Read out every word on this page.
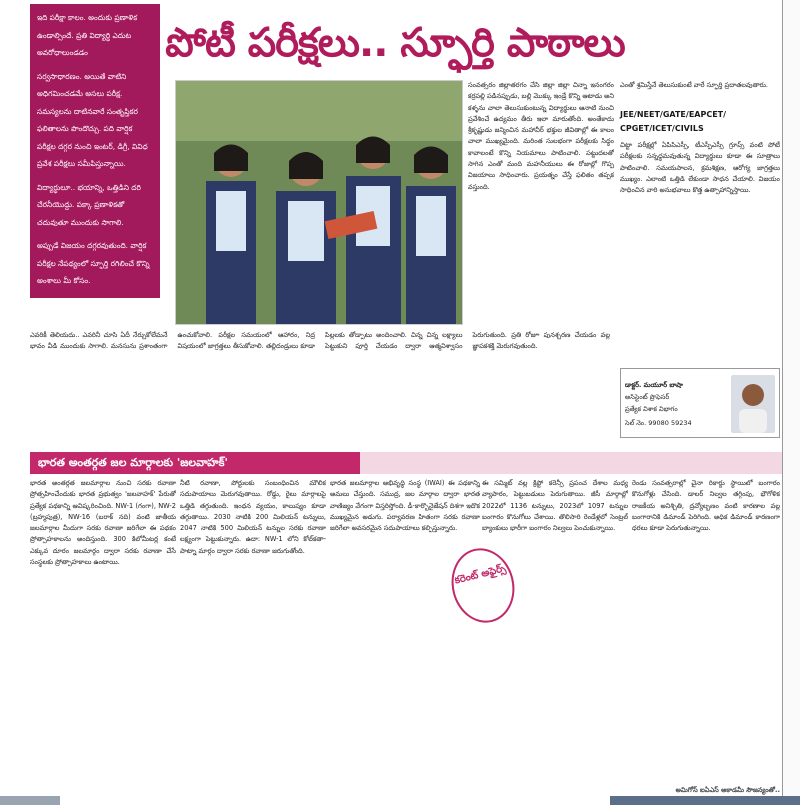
ఇది పరీక్షా కాలం. అందుకు ప్రణాళిక ఉండాల్సిందే. ప్రతి విద్యార్థి ఎదుట అవరోధాలుండడం

సర్వసాధారణం. అయితే వాటిని అధిగమించడమే అసలు పరీక్ష. సమస్యలను దాటినవారే సంతృప్తికర ఫలితాలను పొందొచ్చు. పది వార్షిక పరీక్షల దగ్గర నుంచి ఇంటర్, డిగ్రీ, వివిధ ప్రవేశ పరీక్షలు సమీపిస్తున్నాయి.

విద్యార్థులూ.. భయాన్ని, ఒత్తిడిని దరి చేరనీయొద్దు. పక్కా ప్రణాళికతో చదువుతూ ముందుకు సాగాలి.

అప్పుడే విజయం దగ్గరవుతుంది. వార్షిక పరీక్షల నేపథ్యంలో స్ఫూర్తి రగిలించే కొన్ని అంశాలు మీ కోసం.

పోటీ పరీక్షలు.. స్ఫూర్తి పాఠాలు
సంవత్సరం జిల్లాతరగం చేసి జిల్లా జిల్లా చిన్నా ఇనంగరం కర్రపల్లి పడినప్పుడు, బల్లి మొక్కు ఇండ్రే కొన్ని ఆటాడు అని కళ్ళను చాలా తెలుసుకుంటున్న విద్యార్థులు ఆనాటి నుంచి ప్రవేశించే ఉద్యమం తీరు ఇలా మారుతోంది. అంతేకాదు శ్రీకృష్ణుడు జన్మించిన మహావీర్ భక్తుల జీవితాల్లో ఈ కాలం చాలా ముఖ్యమైంది. మరింత సులభంగా పరీక్షలకు సిద్ధం కావాలంటే కొన్ని నియమాలు పాటించాలి. పట్టుదలతో సాగిన ఎంతో మంది మహనీయులు ఈ రోజుల్లో గొప్ప విజయాలు సాధించారు. ప్రయత్నం చేస్తే ఫలితం తప్పక వస్తుంది.
ఎంతో శ్రమిస్తేనే తెలుసుకుంటే వారే స్ఫూర్తి ప్రదాతలవుతారు.
JEE/NEET/GATE/EAPCET/ CPGET/ICET/CIVILS
చిట్టా పరీక్షల్లో ఏపిపిఎస్సీ, టీఎస్పీఎస్సీ గ్రూప్స్ వంటి పోటీ పరీక్షలకు సన్నద్ధమవుతున్న విద్యార్థులు కూడా ఈ సూత్రాలు పాటించాలి. సమయపాలన, క్రమశిక్షణ, ఆరోగ్య జాగ్రత్తలు ముఖ్యం. ఎలాంటి ఒత్తిడి లేకుండా సాధన చేయాలి. విజయం సాధించిన వారి అనుభవాలు కొత్త ఉత్సాహాన్నిస్తాయి.
ఎవరికీ తెలియదు.. ఎవరినీ చూసి ఏదీ నేర్చుకోలేమనే భావం వీడి ముందుకు సాగాలి. మనసును ప్రశాంతంగా ఉంచుకోవాలి. పరీక్షల సమయంలో ఆహారం, నిద్ర విషయంలో జాగ్రత్తలు తీసుకోవాలి. తల్లిదండ్రులు కూడా పిల్లలకు తోడ్పాటు అందించాలి. చిన్న చిన్న లక్ష్యాలు పెట్టుకుని పూర్తి చేయడం ద్వారా ఆత్మవిశ్వాసం పెరుగుతుంది. ప్రతి రోజూ పునశ్చరణ చేయడం వల్ల జ్ఞాపకశక్తి మెరుగవుతుంది.
డాక్టర్. మయూర్ బాషా
అసిస్టెంట్ ప్రొఫెసర్
ప్రత్యేక విశాక విభాగం
సెల్ నెం. 99080 59234
భారత అంతర్గత జల మార్గాలకు 'జలవాహక్'
భారత అంతర్గత జలమార్గాల నుంచి సరకు రవాణా ప్రోత్సహించేందుకు భారత ప్రభుత్వం 'జలవాహక్' పేరుతో ప్రత్యేక పథకాన్ని ఆవిష్కరించింది. NW-1 (గంగా), NW-2 (బ్రహ్మపుత్ర), NW-16 (బరాక్ నది) వంటి జాతీయ జలమార్గాల మీదుగా సరకు రవాణా జరిగేలా ఈ పథకం ప్రోత్సాహకాలను అందిస్తుంది. 300 కిలోమీటర్ల కంటే ఎక్కువ దూరం జలమార్గం ద్వారా సరకు రవాణా చేసే సంస్థలకు ప్రోత్సాహకాలు ఉంటాయి.
నీటి రవాణా, పోర్టులకు సంబంధించిన మౌలిక సదుపాయాలు మెరుగవుతాయి. రోడ్డు, రైలు మార్గాలపై ఒత్తిడి తగ్గుతుంది. ఇంధన వ్యయం, కాలుష్యం కూడా తగ్గుతాయి. 2030 నాటికి 200 మిలియన్ టన్నులు, 2047 నాటికి 500 మిలియన్ టన్నుల సరకు రవాణా లక్ష్యంగా పెట్టుకున్నారు. ఉదా: NW-1 లోని కోల్‌కతా-పాట్నా మార్గం ద్వారా సరకు రవాణా జరుగుతోంది.
భారత జలమార్గాల అభివృద్ధి సంస్థ (IWAI) ఈ పథకాన్ని అమలు చేస్తుంది. సముద్ర, జల మార్గాల ద్వారా భారత వాణిజ్యం వేగంగా విస్తరిస్తోంది. డీ-కార్బొనైజేషన్ దిశగా ఇదొక ముఖ్యమైన అడుగు. పర్యావరణ హితంగా సరకు రవాణా జరిగేలా అవసరమైన సదుపాయాలు కల్పిస్తున్నారు.
ఈ సమ్మిట్ వల్ల క్రిప్టో కరెన్సీ ప్రపంచ దేశాల మధ్య వ్యాపారం, పెట్టుబడులు పెరుగుతాయి. జీసీ మార్గాల్లో 2022లో 1136 టన్నులు, 2023లో 1097 టన్నుల బంగారం కొనుగోలు చేశాయి. తొలిసారి రెండేళ్లలో సెంట్రల్ బ్యాంకులు భారీగా బంగారం నిల్వలు పెంచుకున్నాయి.
రెండు సంవత్సరాల్లో చైనా రికార్డు స్థాయిలో బంగారం కొనుగోళ్లు చేసింది. డాలర్ నిల్వల తగ్గింపు, భౌగోళిక రాజకీయ అనిశ్చితి, ద్రవ్యోల్బణం వంటి కారణాల వల్ల బంగారానికి డిమాండ్ పెరిగింది. అధిక డిమాండ్ కారణంగా ధరలు కూడా పెరుగుతున్నాయి.
కరెంట్ అఫైర్స్
అమిగోస్ ఐఏఎస్ అకాడమీ సౌజన్యంతో..
